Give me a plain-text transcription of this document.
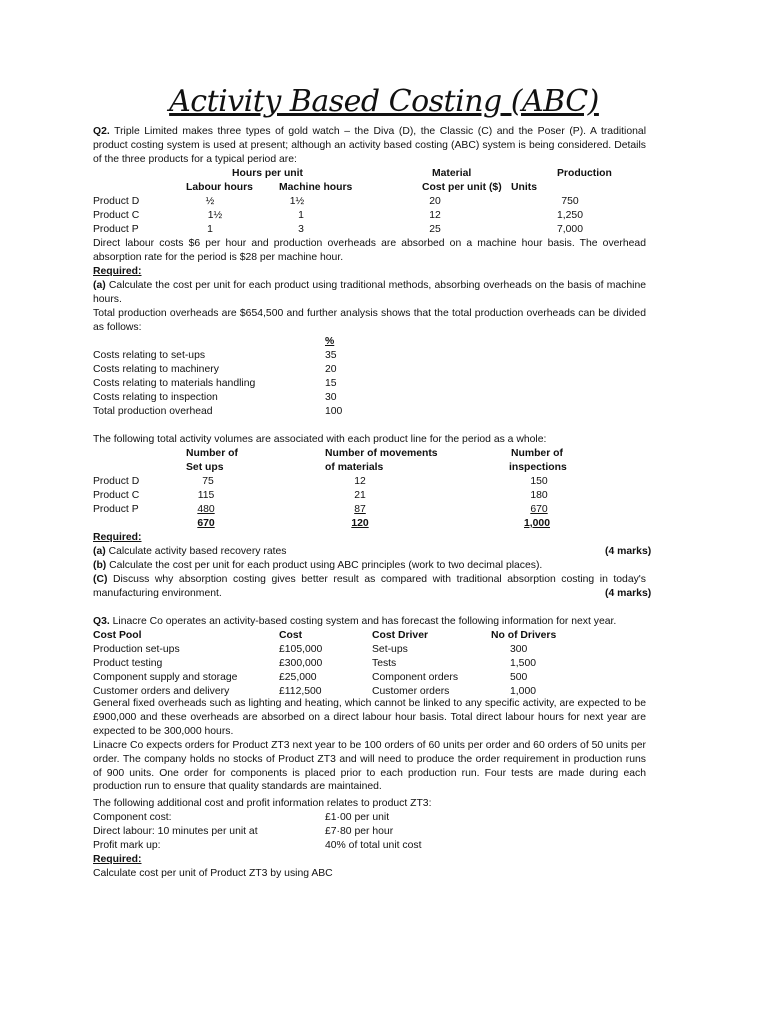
Activity Based Costing (ABC)
Q2. Triple Limited makes three types of gold watch – the Diva (D), the Classic (C) and the Poser (P). A traditional product costing system is used at present; although an activity based costing (ABC) system is being considered. Details of the three products for a typical period are:
Hours per unit	Material	Production
Labour hours	Machine hours	Cost per unit ($) Units
Product D	½	1½	20	750
Product C	1½	1	12	1,250
Product P	1	3	25	7,000
Direct labour costs $6 per hour and production overheads are absorbed on a machine hour basis. The overhead absorption rate for the period is $28 per machine hour.
Required:
(a) Calculate the cost per unit for each product using traditional methods, absorbing overheads on the basis of machine hours.
Total production overheads are $654,500 and further analysis shows that the total production overheads can be divided as follows:
%
Costs relating to set-ups	35
Costs relating to machinery	20
Costs relating to materials handling	15
Costs relating to inspection	30
Total production overhead	100
The following total activity volumes are associated with each product line for the period as a whole:
Number of
Set ups
Number of movements
of materials
Number of
inspections
Product D	75	12	150
Product C	115	21	180
Product P	480	87	670
670	120	1,000
Required:
(a) Calculate activity based recovery rates	(4 marks)
(b) Calculate the cost per unit for each product using ABC principles (work to two decimal places).
(C) Discuss why absorption costing gives better result as compared with traditional absorption costing in today's manufacturing environment.	(4 marks)
Q3. Linacre Co operates an activity-based costing system and has forecast the following information for next year.
Cost Pool	Cost	Cost Driver	No of Drivers
Production set-ups	£105,000	Set-ups	300
Product testing	£300,000	Tests	1,500
Component supply and storage	£25,000	Component orders	500
Customer orders and delivery	£112,500	Customer orders	1,000
General fixed overheads such as lighting and heating, which cannot be linked to any specific activity, are expected to be £900,000 and these overheads are absorbed on a direct labour hour basis. Total direct labour hours for next year are expected to be 300,000 hours.
Linacre Co expects orders for Product ZT3 next year to be 100 orders of 60 units per order and 60 orders of 50 units per order. The company holds no stocks of Product ZT3 and will need to produce the order requirement in production runs of 900 units. One order for components is placed prior to each production run. Four tests are made during each production run to ensure that quality standards are maintained.
The following additional cost and profit information relates to product ZT3:
Component cost:	£1·00 per unit
Direct labour: 10 minutes per unit at	£7·80 per hour
Profit mark up:	40% of total unit cost
Required:
Calculate cost per unit of Product ZT3 by using ABC
